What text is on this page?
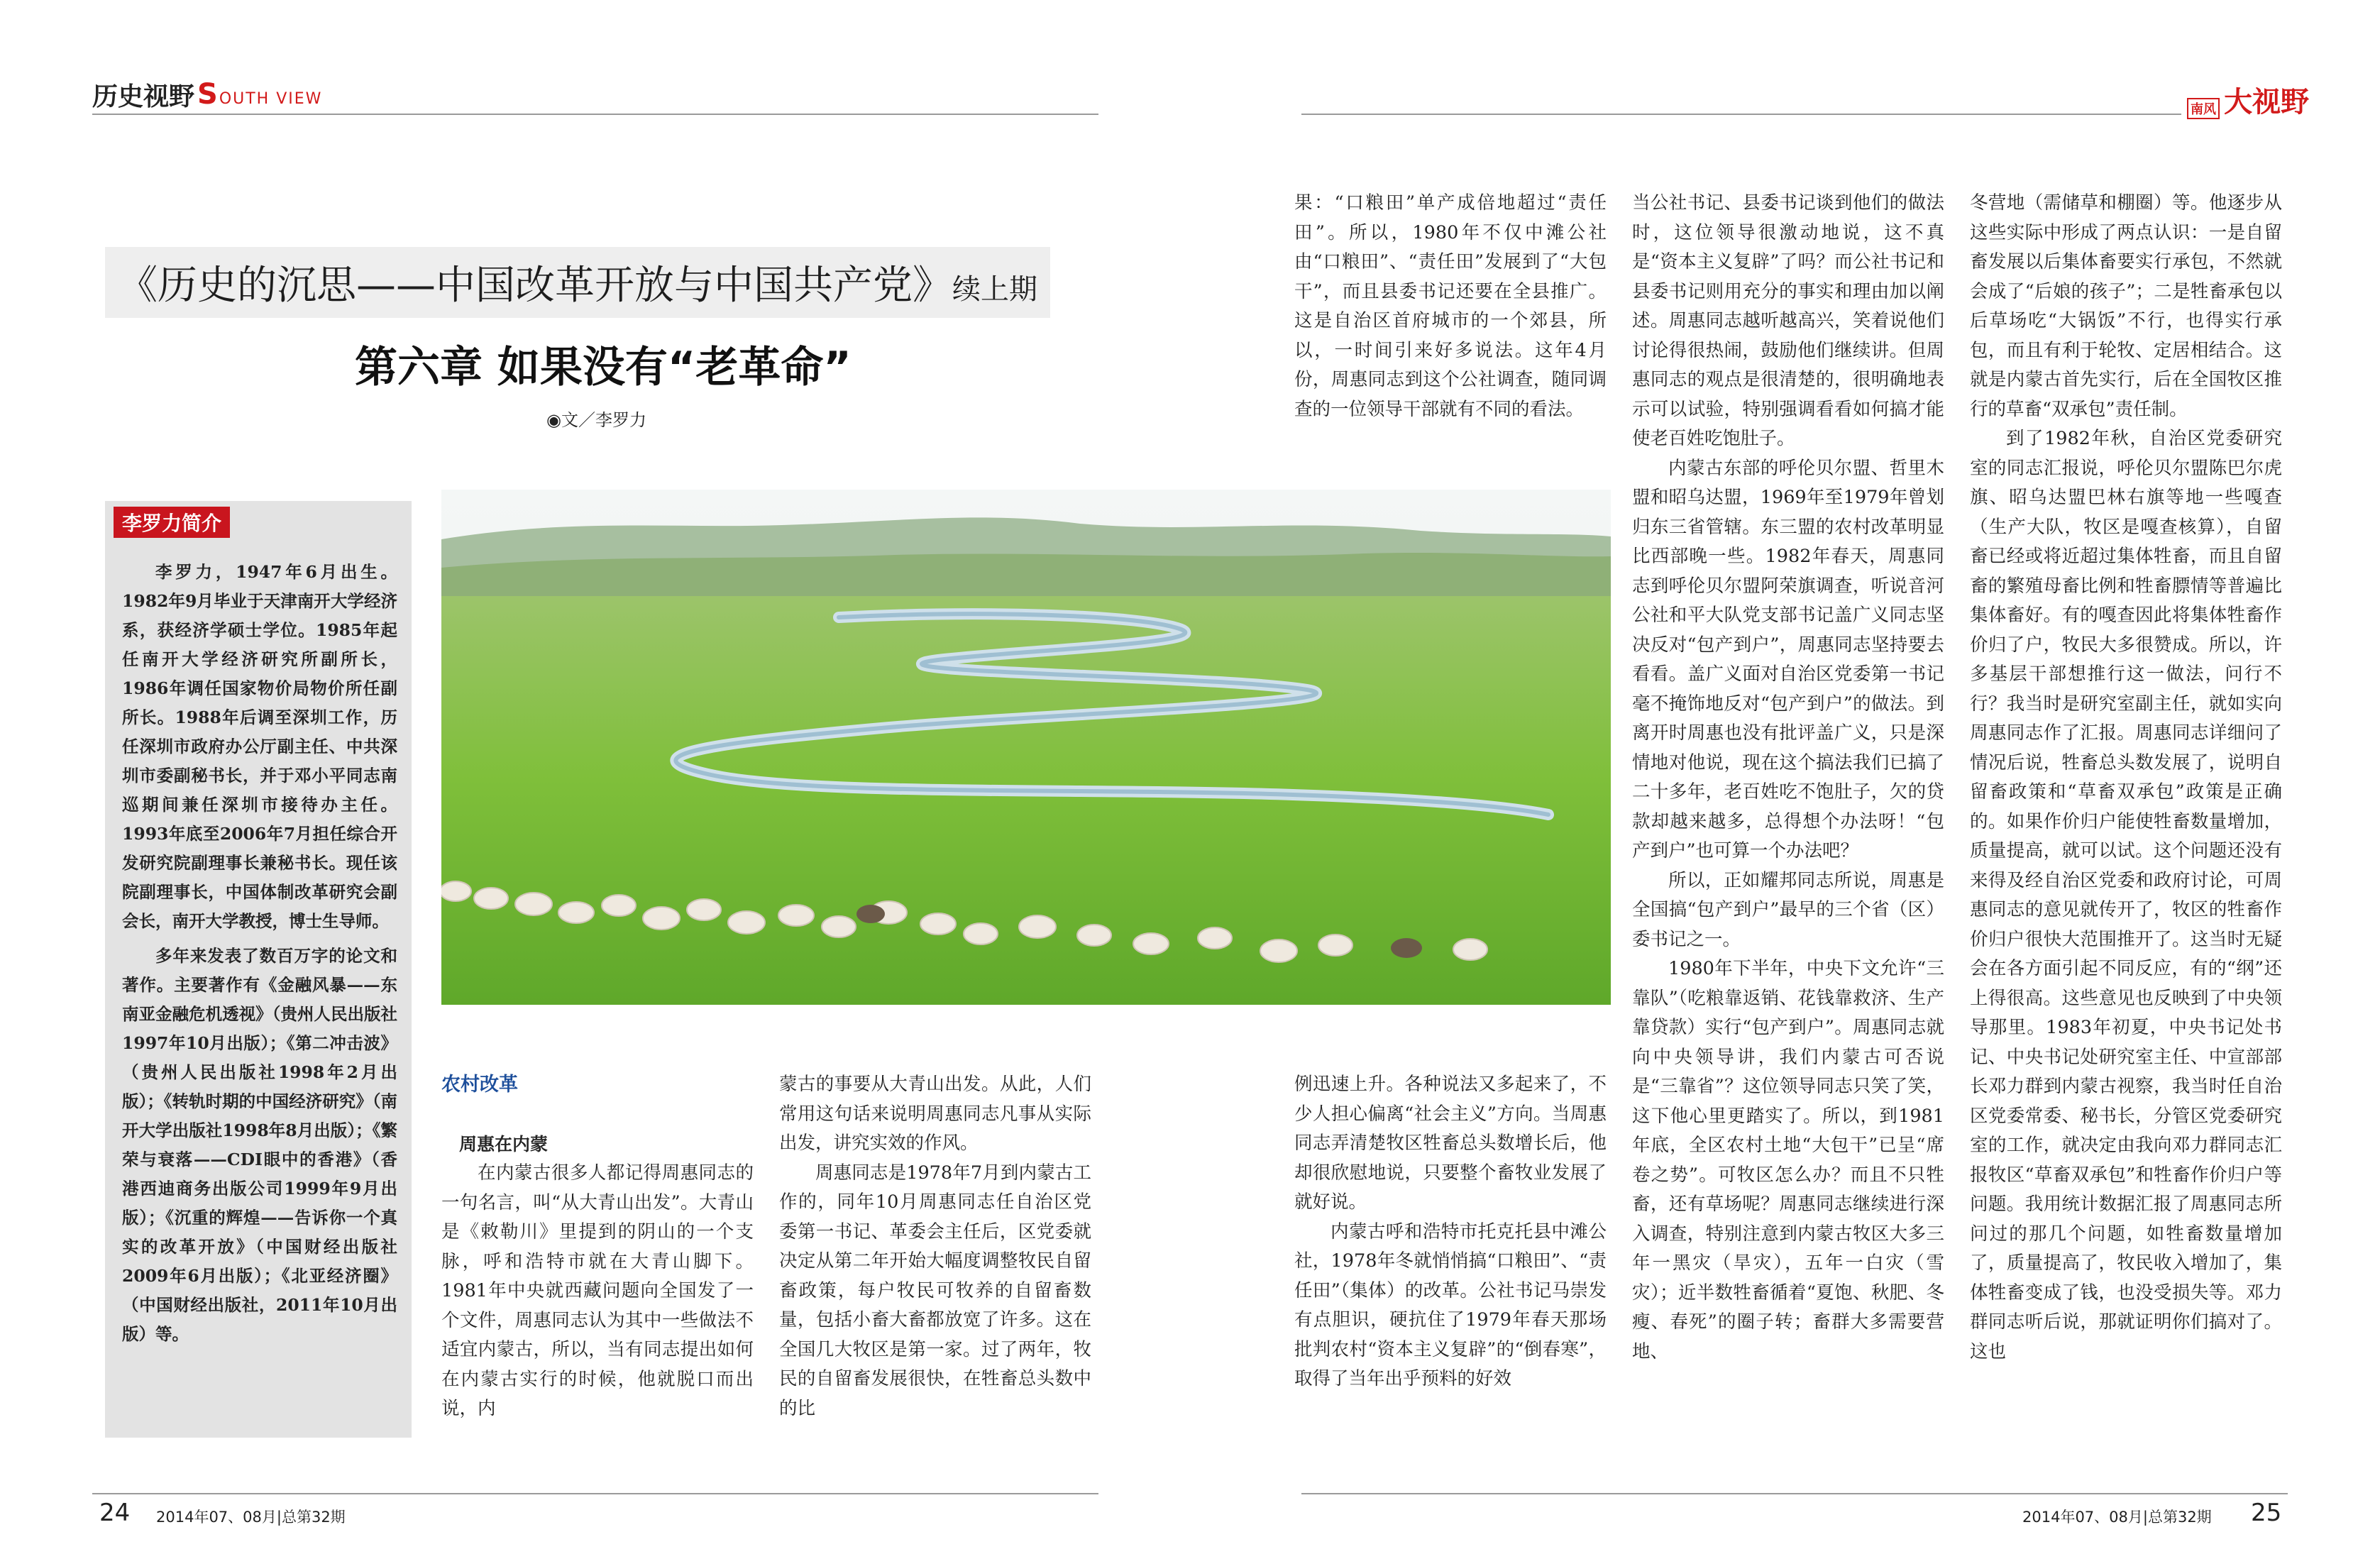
历史视野 SOUTH VIEW
南风 大视野
《历史的沉思——中国改革开放与中国共产党》续上期
第六章 如果没有“老革命”
◉文／李罗力
李罗力简介

李罗力，1947年6月出生。1982年9月毕业于天津南开大学经济系，获经济学硕士学位。1985年起任南开大学经济研究所副所长，1986年调任国家物价局物价所任副所长。1988年后调至深圳工作，历任深圳市政府办公厅副主任、中共深圳市委副秘书长，并于邓小平同志南巡期间兼任深圳市接待办主任。1993年底至2006年7月担任综合开发研究院副理事长兼秘书长。现任该院副理事长，中国体制改革研究会副会长，南开大学教授，博士生导师。

多年来发表了数百万字的论文和著作。主要著作有《金融风暴——东南亚金融危机透视》（贵州人民出版社1997年10月出版）；《第二冲击波》（贵州人民出版社1998年2月出版）；《转轨时期的中国经济研究》（南开大学出版社1998年8月出版）；《繁荣与衰落——CDI眼中的香港》（香港西迪商务出版公司1999年9月出版）；《沉重的辉煌——告诉你一个真实的改革开放》（中国财经出版社2009年6月出版）；《北亚经济圈》（中国财经出版社，2011年10月出版）等。

农村改革

周惠在内蒙

在内蒙古很多人都记得周惠同志的一句名言，叫“从大青山出发”。大青山是《敕勒川》里提到的阴山的一个支脉，呼和浩特市就在大青山脚下。1981年中央就西藏问题向全国发了一个文件，周惠同志认为其中一些做法不适宜内蒙古，所以，当有同志提出如何在内蒙古实行的时候，他就脱口而出说，内

蒙古的事要从大青山出发。从此，人们常用这句话来说明周惠同志凡事从实际出发，讲究实效的作风。

周惠同志是1978年7月到内蒙古工作的，同年10月周惠同志任自治区党委第一书记、革委会主任后，区党委就决定从第二年开始大幅度调整牧民自留畜政策，每户牧民可牧养的自留畜数量，包括小畜大畜都放宽了许多。这在全国几大牧区是第一家。过了两年，牧民的自留畜发展很快，在牲畜总头数中的比

例迅速上升。各种说法又多起来了，不少人担心偏离“社会主义”方向。当周惠同志弄清楚牧区牲畜总头数增长后，他却很欣慰地说，只要整个畜牧业发展了就好说。

内蒙古呼和浩特市托克托县中滩公社，1978年冬就悄悄搞“口粮田”、“责任田”（集体）的改革。公社书记马崇发有点胆识，硬抗住了1979年春天那场批判农村“资本主义复辟”的“倒春寒”，取得了当年出乎预料的好效

果：“口粮田”单产成倍地超过“责任田”。所以，1980年不仅中滩公社由“口粮田”、“责任田”发展到了“大包干”，而且县委书记还要在全县推广。这是自治区首府城市的一个郊县，所以，一时间引来好多说法。这年4月份，周惠同志到这个公社调查，随同调查的一位领导干部就有不同的看法。

当公社书记、县委书记谈到他们的做法时，这位领导很激动地说，这不真是“资本主义复辟”了吗？而公社书记和县委书记则用充分的事实和理由加以阐述。周惠同志越听越高兴，笑着说他们讨论得很热闹，鼓励他们继续讲。但周惠同志的观点是很清楚的，很明确地表示可以试验，特别强调看看如何搞才能使老百姓吃饱肚子。

内蒙古东部的呼伦贝尔盟、哲里木盟和昭乌达盟，1969年至1979年曾划归东三省管辖。东三盟的农村改革明显比西部晚一些。1982年春天，周惠同志到呼伦贝尔盟阿荣旗调查，听说音河公社和平大队党支部书记盖广义同志坚决反对“包产到户”，周惠同志坚持要去看看。盖广义面对自治区党委第一书记毫不掩饰地反对“包产到户”的做法。到离开时周惠也没有批评盖广义，只是深情地对他说，现在这个搞法我们已搞了二十多年，老百姓吃不饱肚子，欠的贷款却越来越多，总得想个办法呀！“包产到户”也可算一个办法吧？

所以，正如耀邦同志所说，周惠是全国搞“包产到户”最早的三个省（区）委书记之一。

1980年下半年，中央下文允许“三靠队”（吃粮靠返销、花钱靠救济、生产靠贷款）实行“包产到户”。周惠同志就向中央领导讲，我们内蒙古可否说是“三靠省”？这位领导同志只笑了笑，这下他心里更踏实了。所以，到1981年底，全区农村土地“大包干”已呈“席卷之势”。可牧区怎么办？而且不只牲畜，还有草场呢？周惠同志继续进行深入调查，特别注意到内蒙古牧区大多三年一黑灾（旱灾），五年一白灾（雪灾）；近半数牲畜循着“夏饱、秋肥、冬瘦、春死”的圈子转；畜群大多需要营地、

冬营地（需储草和棚圈）等。他逐步从这些实际中形成了两点认识：一是自留畜发展以后集体畜要实行承包，不然就会成了“后娘的孩子”；二是牲畜承包以后草场吃“大锅饭”不行，也得实行承包，而且有利于轮牧、定居相结合。这就是内蒙古首先实行，后在全国牧区推行的草畜“双承包”责任制。

到了1982年秋，自治区党委研究室的同志汇报说，呼伦贝尔盟陈巴尔虎旗、昭乌达盟巴林右旗等地一些嘎查（生产大队，牧区是嘎查核算），自留畜已经或将近超过集体牲畜，而且自留畜的繁殖母畜比例和牲畜膘情等普遍比集体畜好。有的嘎查因此将集体牲畜作价归了户，牧民大多很赞成。所以，许多基层干部想推行这一做法，问行不行？我当时是研究室副主任，就如实向周惠同志作了汇报。周惠同志详细问了情况后说，牲畜总头数发展了，说明自留畜政策和“草畜双承包”政策是正确的。如果作价归户能使牲畜数量增加，质量提高，就可以试。这个问题还没有来得及经自治区党委和政府讨论，可周惠同志的意见就传开了，牧区的牲畜作价归户很快大范围推开了。这当时无疑会在各方面引起不同反应，有的“纲”还上得很高。这些意见也反映到了中央领导那里。1983年初夏，中央书记处书记、中央书记处研究室主任、中宣部部长邓力群到内蒙古视察，我当时任自治区党委常委、秘书长，分管区党委研究室的工作，就决定由我向邓力群同志汇报牧区“草畜双承包”和牲畜作价归户等问题。我用统计数据汇报了周惠同志所问过的那几个问题，如牲畜数量增加了，质量提高了，牧民收入增加了，集体牲畜变成了钱，也没受损失等。邓力群同志听后说，那就证明你们搞对了。这也

24 2014年07、08月|总第32期	2014年07、08月|总第32期 25
